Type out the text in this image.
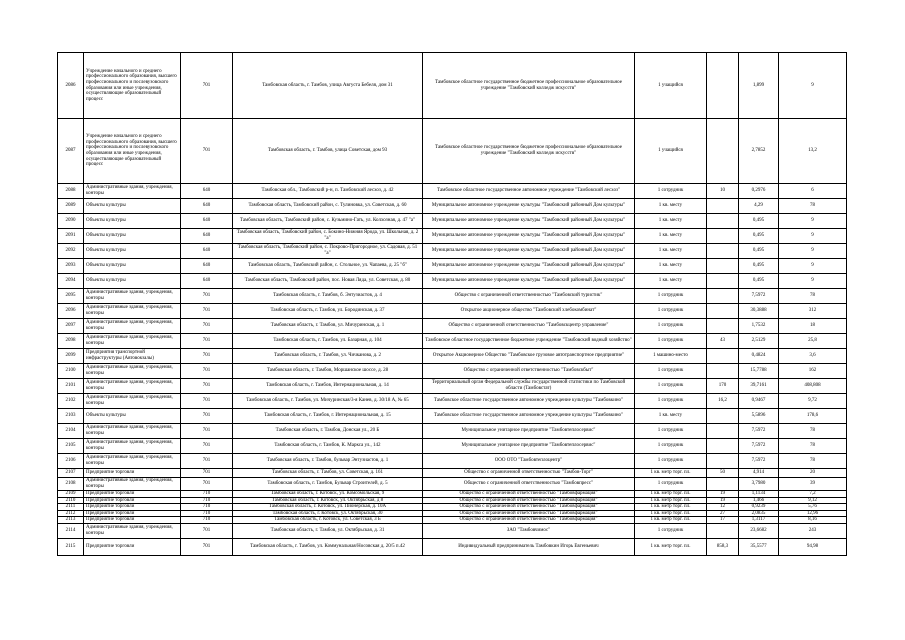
2086	Учреждение начального и среднего профессионального образования, высшего профессионального и послевузовского образования или иные учреждения, осуществляющие образовательный процесс	701	Тамбовская область, г. Тамбов, улица Августа Бебеля, дом 31	Тамбовское областное государственное бюджетное профессиональное образовательное учреждение "Тамбовский колледж искусств"	1 учащийся		1,899	9
2087	Учреждение начального и среднего профессионального образования, высшего профессионального и послевузовского образования или иные учреждения, осуществляющие образовательный процесс	701	Тамбовская область, г. Тамбов, улица Советская, дом 93	Тамбовское областное государственное бюджетное профессиональное образовательное учреждение "Тамбовский колледж искусств"	1 учащийся		2,7852	13,2
2088	Административные здания, учреждения, конторы	640	Тамбовская обл., Тамбовский р-н, п. Тамбовский лесхоз, д. 42	Тамбовское областное государственное автономное учреждение "Тамбовский лесхоз"	1 сотрудник	10	0,2976	6
2089	Объекты культуры	640	Тамбовская область, Тамбовский район, с. Тулиновка, ул. Советская, д. 60	Муниципальное автономное учреждение культуры "Тамбовский районный Дом культуры"	1 кв. месту		4,29	78
2090	Объекты культуры	640	Тамбовская область, Тамбовский район, с. Кузьмино-Гать, ул. Колхозная, д. 47 "а"	Муниципальное автономное учреждение культуры "Тамбовский районный Дом культуры"	1 кв. месту		0,495	9
2091	Объекты культуры	640	Тамбовская область, Тамбовский район, с. Бокино-Нижняя Ярода, ул. Школьная, д. 2 "а"	Муниципальное автономное учреждение культуры "Тамбовский районный Дом культуры"	1 кв. месту		0,495	9
2092	Объекты культуры	640	Тамбовская область, Тамбовский район, с. Покрово-Пригородное, ул. Садовая, д. 51 "а"	Муниципальное автономное учреждение культуры "Тамбовский районный Дом культуры"	1 кв. месту		0,495	9
2093	Объекты культуры	640	Тамбовская область, Тамбовский район, с. Стольное, ул. Чапаева, д. 25 "б"	Муниципальное автономное учреждение культуры "Тамбовский районный Дом культуры"	1 кв. месту		0,495	9
2094	Объекты культуры	640	Тамбовская область, Тамбовский район, пос. Новая Ляда, ул. Советская, д. 80	Муниципальное автономное учреждение культуры "Тамбовский районный Дом культуры"	1 кв. месту		0,495	9
2095	Административные здания, учреждения, конторы	701	Тамбовская область, г. Тамбов, б. Энтузиастов, д. 4	Общество с ограниченной ответственностью "Тамбовский туристик"	1 сотрудник		7,5972	78
2096	Административные здания, учреждения, конторы	701	Тамбовская область, г. Тамбов, ул. Бородинская, д. 37	Открытое акционерное общество "Тамбовский хлебокомбинат"	1 сотрудник		30,3888	312
2097	Административные здания, учреждения, конторы	701	Тамбовская область, г. Тамбов, ул. Мичуринская, д. 1	Общество с ограниченной ответственностью "Тамбовскцентр управление"	1 сотрудник		1,7532	18
2098	Административные здания, учреждения, конторы	701	Тамбовская область, г. Тамбов, ул. Базарная, д. 104	Тамбовское областное государственное бюджетное учреждение "Тамбовский водный хозяйство"	1 сотрудник	43	2,5129	25,8
2099	Предприятия транспортной инфраструктуры (Автовокзалы)	701	Тамбовская область, г. Тамбов, ул. Чичканова, д. 2	Открытое Акционерное Общество "Тамбовское грузовое автотранспортное предприятие"	1 машино-место		0,4824	3,6
2100	Административные здания, учреждения, конторы	701	Тамбовская область, г. Тамбов, Моршанское шоссе, д. 28	Общество с ограниченной ответственностью "Тамбовскбыт"	1 сотрудник		15,7788	162
2101	Административные здания, учреждения, конторы	701	Тамбовская область, г. Тамбов, Интернациональная, д. 14	Территориальный орган Федеральной службы государственной статистики по Тамбовской области (Тамбовстат)	1 сотрудник	170	39,7161	408,808
2102	Административные здания, учреждения, конторы	701	Тамбовская область, г. Тамбов, ул. Мичуринская/3-я Канев, д. 30/18 А, № 65	Тамбовское областное государственное автономное учреждение культуры "Тамбовкино"	1 сотрудник	16,2	0,9467	9,72
2103	Объекты культуры	701	Тамбовская область, г. Тамбов, г. Интернациональная, д. 15	Тамбовское областное государственное автономное учреждение культуры "Тамбовкино"	1 кв. месту		5,5896	178,6
2104	Административные здания, учреждения, конторы	701	Тамбовская область, г. Тамбов, Донская ул., 20 Б	Муниципальное унитарное предприятие "Тамбовтеплосервис"	1 сотрудник		7,5972	78
2105	Административные здания, учреждения, конторы	701	Тамбовская область, г. Тамбов, К. Маркса ул., 142	Муниципальное унитарное предприятие "Тамбовтеплосервис"	1 сотрудник		7,5972	78
2106	Административные здания, учреждения, конторы	701	Тамбовская область, г. Тамбов, бульвар Энтузиастов, д. 1	ООО ОТО "Тамбовтеплоцентр"	1 сотрудник		7,5972	78
2107	Предприятие торговли	701	Тамбовская область, г. Тамбов, ул. Советская, д. 161	Общество с ограниченной ответственностью "Тамбов-Торг"	1 кв. метр торг. пл.	50	4,914	20
2108	Административные здания, учреждения, конторы	701	Тамбовская область, г. Тамбов, Бульвар Строителей, д. 5	Общество с ограниченной ответственностью "Тамбовпресс"	1 сотрудник		3,7980	39
2109	Предприятие торговли	710	Тамбовская область, г. Котовск, ул. Комсомольская, 9	Общество с ограниченной ответственностью "Тамбовфармация"	1 кв. метр торг. пл.	19	1,1134	7,2
2110	Предприятие торговли	710	Тамбовская область, г. Котовск, ул. Октябрьская, д 8	Общество с ограниченной ответственностью "Тамбовфармация"	1 кв. метр торг. пл.	19	1,466	9,12
2111	Предприятие торговли	710	Тамбовская область, г. Котовск, ул. Пионерская, д. 10А	Общество с ограниченной ответственностью "Тамбовфармация"	1 кв. метр торг. пл.	12	0,9239	5,76
2112	Предприятие торговли	710	Тамбовская область, г. Котовск, ул. Октябрьская, 30	Общество с ограниченной ответственностью "Тамбовфармация"	1 кв. метр торг. пл.	27	2,0835	12,96
2113	Предприятие торговли	710	Тамбовская область, г. Котовск, ул. Советская, 3 Б	Общество с ограниченной ответственностью "Тамбовфармация"	1 кв. метр торг. пл.	17	1,3117	8,16
2114	Административные здания, учреждения, конторы	701	Тамбовская область, г. Тамбов, ул. Октябрьская, д. 31	ЗАО "Тамбовчимос"	1 сотрудник		23,6682	243
2115	Предприятие торговли	701	Тамбовская область, г. Тамбов, ул. Коммунальная/Носовская д. 20/5 п.42	Индивидуальный предприниматель Тамбовкин Игорь Евгеньевич	1 кв. метр торг. пл.	858,3	35,5577	94,98
